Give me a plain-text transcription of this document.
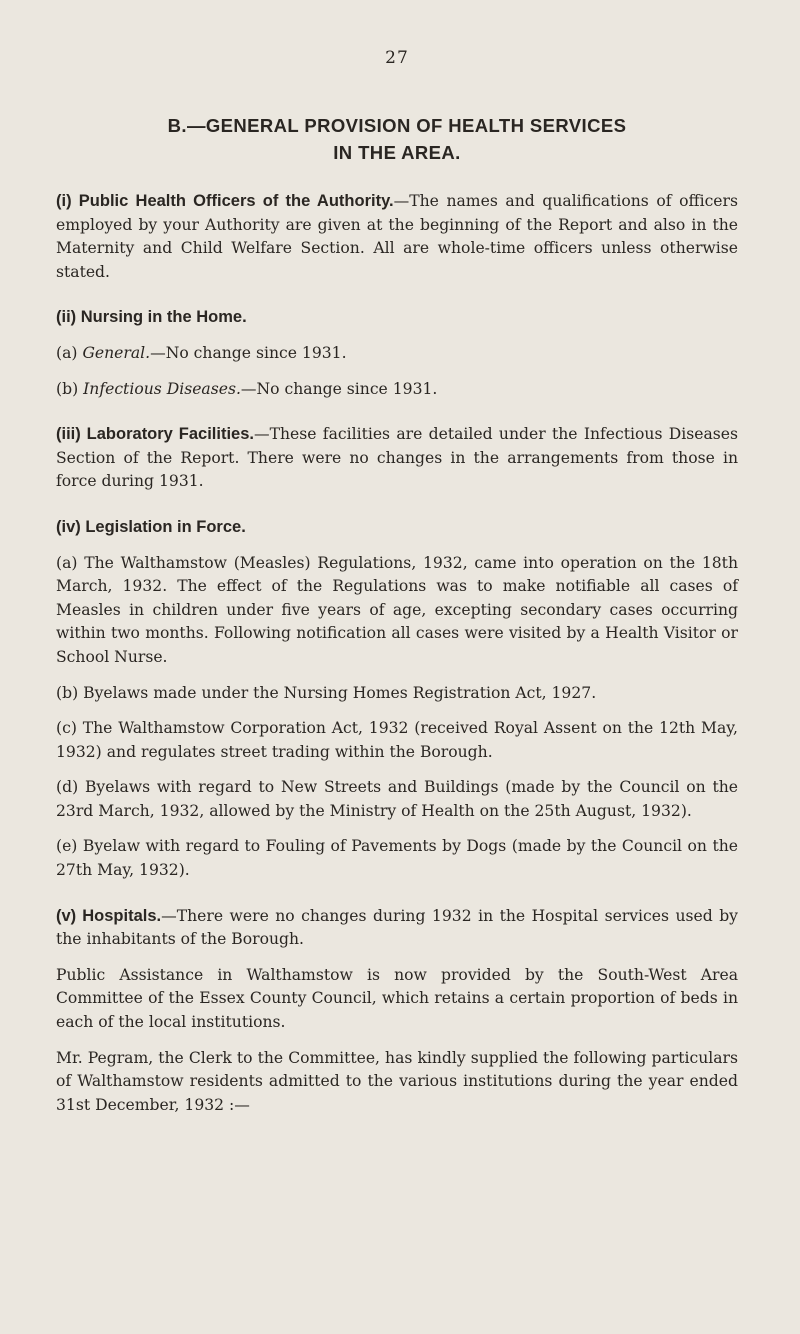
27
B.—GENERAL PROVISION OF HEALTH SERVICES
IN THE AREA.

(i) Public Health Officers of the Authority.—The names and qualifications of officers employed by your Authority are given at the beginning of the Report and also in the Maternity and Child Welfare Section. All are whole-time officers unless otherwise stated.

(ii) Nursing in the Home.

(a) General.—No change since 1931.

(b) Infectious Diseases.—No change since 1931.

(iii) Laboratory Facilities.—These facilities are detailed under the Infectious Diseases Section of the Report. There were no changes in the arrangements from those in force during 1931.

(iv) Legislation in Force.

(a) The Walthamstow (Measles) Regulations, 1932, came into operation on the 18th March, 1932. The effect of the Regulations was to make notifiable all cases of Measles in children under five years of age, excepting secondary cases occurring within two months. Following notification all cases were visited by a Health Visitor or School Nurse.

(b) Byelaws made under the Nursing Homes Registration Act, 1927.

(c) The Walthamstow Corporation Act, 1932 (received Royal Assent on the 12th May, 1932) and regulates street trading within the Borough.

(d) Byelaws with regard to New Streets and Buildings (made by the Council on the 23rd March, 1932, allowed by the Ministry of Health on the 25th August, 1932).

(e) Byelaw with regard to Fouling of Pavements by Dogs (made by the Council on the 27th May, 1932).

(v) Hospitals.—There were no changes during 1932 in the Hospital services used by the inhabitants of the Borough.

Public Assistance in Walthamstow is now provided by the South-West Area Committee of the Essex County Council, which retains a certain proportion of beds in each of the local institutions.

Mr. Pegram, the Clerk to the Committee, has kindly supplied the following particulars of Walthamstow residents admitted to the various institutions during the year ended 31st December, 1932 :—
